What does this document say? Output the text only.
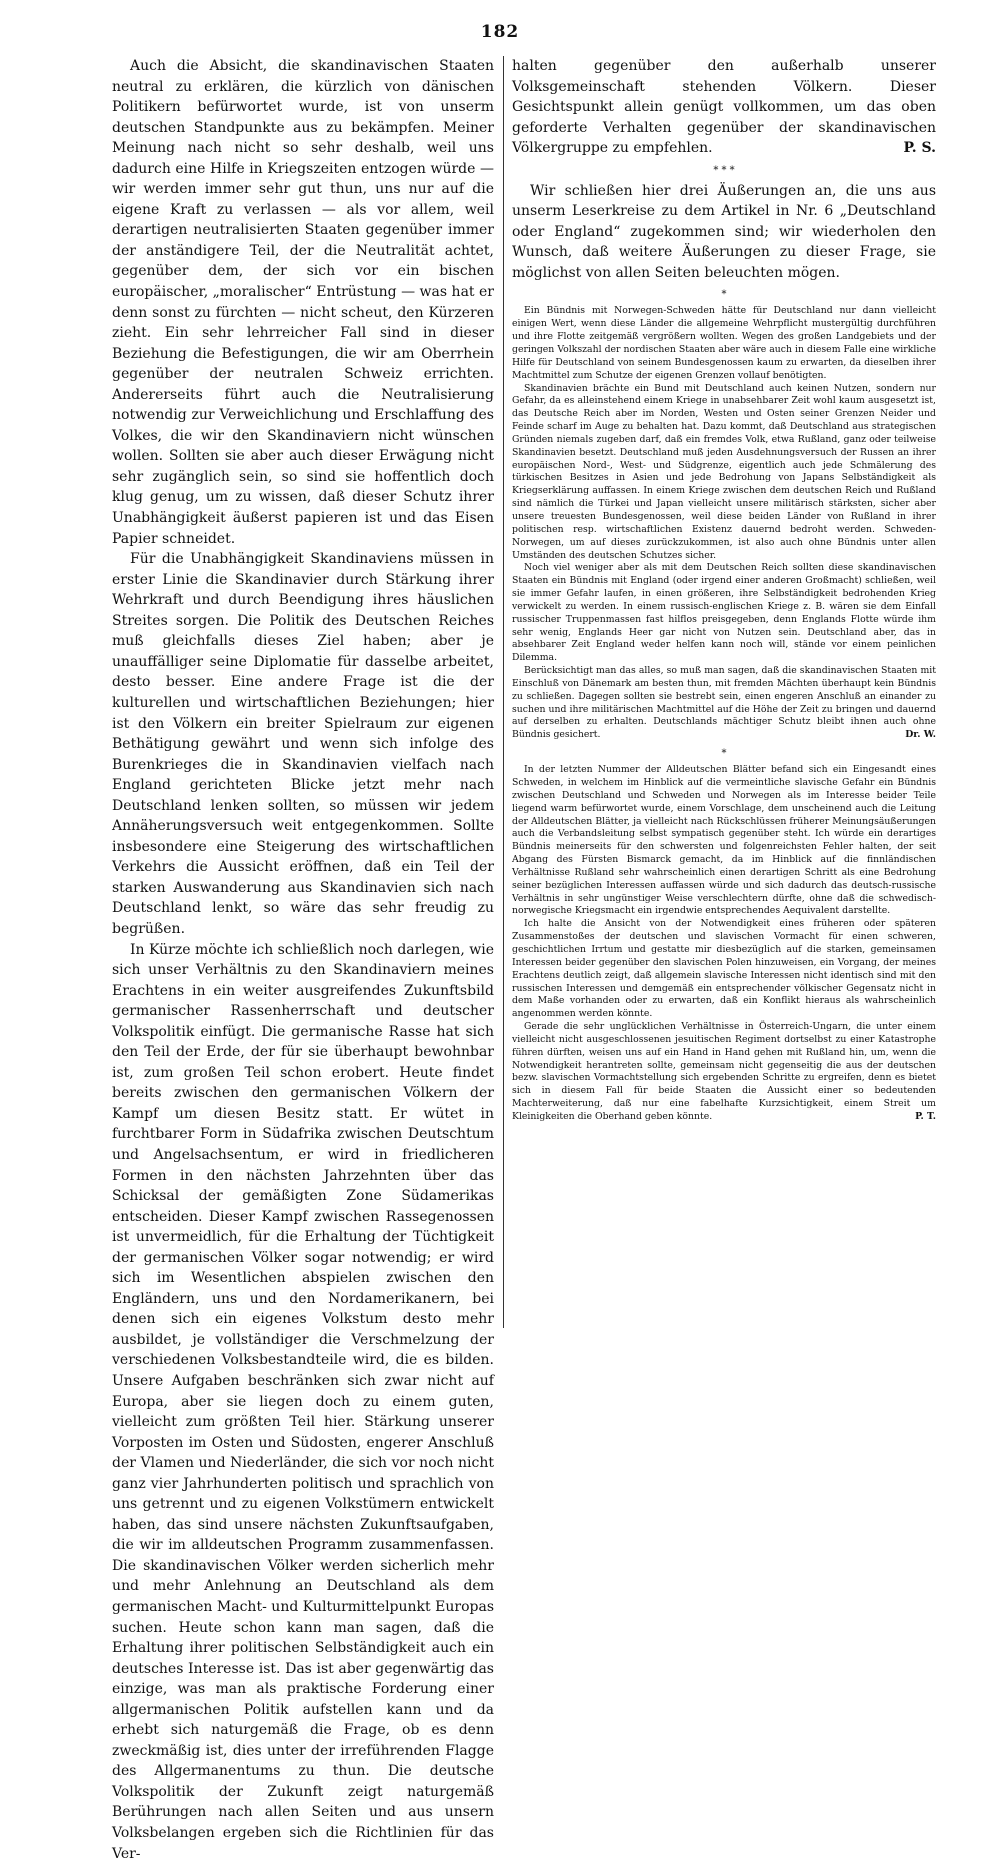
182

Auch die Absicht, die skandinavischen Staaten neutral zu erklären, die kürzlich von dänischen Politikern befürwortet wurde, ist von unserm deutschen Standpunkte aus zu bekämpfen. Meiner Meinung nach nicht so sehr deshalb, weil uns dadurch eine Hilfe in Kriegszeiten entzogen würde — wir werden immer sehr gut thun, uns nur auf die eigene Kraft zu verlassen — als vor allem, weil derartigen neutralisierten Staaten gegenüber immer der anständigere Teil, der die Neutralität achtet, gegenüber dem, der sich vor ein bischen europäischer, „moralischer“ Entrüstung — was hat er denn sonst zu fürchten — nicht scheut, den Kürzeren zieht. Ein sehr lehrreicher Fall sind in dieser Beziehung die Befestigungen, die wir am Oberrhein gegenüber der neutralen Schweiz errichten. Andererseits führt auch die Neutralisierung notwendig zur Verweichlichung und Erschlaffung des Volkes, die wir den Skandinaviern nicht wünschen wollen. Sollten sie aber auch dieser Erwägung nicht sehr zugänglich sein, so sind sie hoffentlich doch klug genug, um zu wissen, daß dieser Schutz ihrer Unabhängigkeit äußerst papieren ist und das Eisen Papier schneidet.

Für die Unabhängigkeit Skandinaviens müssen in erster Linie die Skandinavier durch Stärkung ihrer Wehrkraft und durch Beendigung ihres häuslichen Streites sorgen. Die Politik des Deutschen Reiches muß gleichfalls dieses Ziel haben; aber je unauffälliger seine Diplomatie für dasselbe arbeitet, desto besser. Eine andere Frage ist die der kulturellen und wirtschaftlichen Beziehungen; hier ist den Völkern ein breiter Spielraum zur eigenen Bethätigung gewährt und wenn sich infolge des Burenkrieges die in Skandinavien vielfach nach England gerichteten Blicke jetzt mehr nach Deutschland lenken sollten, so müssen wir jedem Annäherungsversuch weit entgegenkommen. Sollte insbesondere eine Steigerung des wirtschaftlichen Verkehrs die Aussicht eröffnen, daß ein Teil der starken Auswanderung aus Skandinavien sich nach Deutschland lenkt, so wäre das sehr freudig zu begrüßen.

In Kürze möchte ich schließlich noch darlegen, wie sich unser Verhältnis zu den Skandinaviern meines Erachtens in ein weiter ausgreifendes Zukunftsbild germanischer Rassenherrschaft und deutscher Volkspolitik einfügt. Die germanische Rasse hat sich den Teil der Erde, der für sie überhaupt bewohnbar ist, zum großen Teil schon erobert. Heute findet bereits zwischen den germanischen Völkern der Kampf um diesen Besitz statt. Er wütet in furchtbarer Form in Südafrika zwischen Deutschtum und Angelsachsentum, er wird in friedlicheren Formen in den nächsten Jahrzehnten über das Schicksal der gemäßigten Zone Südamerikas entscheiden. Dieser Kampf zwischen Rassegenossen ist unvermeidlich, für die Erhaltung der Tüchtigkeit der germanischen Völker sogar notwendig; er wird sich im Wesentlichen abspielen zwischen den Engländern, uns und den Nordamerikanern, bei denen sich ein eigenes Volkstum desto mehr ausbildet, je vollständiger die Verschmelzung der verschiedenen Volksbestandteile wird, die es bilden. Unsere Aufgaben beschränken sich zwar nicht auf Europa, aber sie liegen doch zu einem guten, vielleicht zum größten Teil hier. Stärkung unserer Vorposten im Osten und Südosten, engerer Anschluß der Vlamen und Niederländer, die sich vor noch nicht ganz vier Jahrhunderten politisch und sprachlich von uns getrennt und zu eigenen Volkstümern entwickelt haben, das sind unsere nächsten Zukunftsaufgaben, die wir im alldeutschen Programm zusammenfassen. Die skandinavischen Völker werden sicherlich mehr und mehr Anlehnung an Deutschland als dem germanischen Macht- und Kulturmittelpunkt Europas suchen. Heute schon kann man sagen, daß die Erhaltung ihrer politischen Selbständigkeit auch ein deutsches Interesse ist. Das ist aber gegenwärtig das einzige, was man als praktische Forderung einer allgermanischen Politik aufstellen kann und da erhebt sich naturgemäß die Frage, ob es denn zweckmäßig ist, dies unter der irreführenden Flagge des Allgermanentums zu thun. Die deutsche Volkspolitik der Zukunft zeigt naturgemäß Berührungen nach allen Seiten und aus unsern Volksbelangen ergeben sich die Richtlinien für das Ver-

halten gegenüber den außerhalb unserer Volksgemeinschaft stehenden Völkern. Dieser Gesichtspunkt allein genügt vollkommen, um das oben geforderte Verhalten gegenüber der skandinavischen Völkergruppe zu empfehlen.	P. S.

* * *

Wir schließen hier drei Äußerungen an, die uns aus unserm Leserkreise zu dem Artikel in Nr. 6 „Deutschland oder England“ zugekommen sind; wir wiederholen den Wunsch, daß weitere Äußerungen zu dieser Frage, sie möglichst von allen Seiten beleuchten mögen.

*

Ein Bündnis mit Norwegen-Schweden hätte für Deutschland nur dann vielleicht einigen Wert, wenn diese Länder die allgemeine Wehrpflicht mustergültig durchführen und ihre Flotte zeitgemäß vergrößern wollten. Wegen des großen Landgebiets und der geringen Volkszahl der nordischen Staaten aber wäre auch in diesem Falle eine wirkliche Hilfe für Deutschland von seinem Bundesgenossen kaum zu erwarten, da dieselben ihrer Machtmittel zum Schutze der eigenen Grenzen vollauf benötigten.

Skandinavien brächte ein Bund mit Deutschland auch keinen Nutzen, sondern nur Gefahr, da es alleinstehend einem Kriege in unabsehbarer Zeit wohl kaum ausgesetzt ist, das Deutsche Reich aber im Norden, Westen und Osten seiner Grenzen Neider und Feinde scharf im Auge zu behalten hat. Dazu kommt, daß Deutschland aus strategischen Gründen niemals zugeben darf, daß ein fremdes Volk, etwa Rußland, ganz oder teilweise Skandinavien besetzt. Deutschland muß jeden Ausdehnungsversuch der Russen an ihrer europäischen Nord-, West- und Südgrenze, eigentlich auch jede Schmälerung des türkischen Besitzes in Asien und jede Bedrohung von Japans Selbständigkeit als Kriegserklärung auffassen. In einem Kriege zwischen dem deutschen Reich und Rußland sind nämlich die Türkei und Japan vielleicht unsere militärisch stärksten, sicher aber unsere treuesten Bundesgenossen, weil diese beiden Länder von Rußland in ihrer politischen resp. wirtschaftlichen Existenz dauernd bedroht werden. Schweden-Norwegen, um auf dieses zurückzukommen, ist also auch ohne Bündnis unter allen Umständen des deutschen Schutzes sicher.

Noch viel weniger aber als mit dem Deutschen Reich sollten diese skandinavischen Staaten ein Bündnis mit England (oder irgend einer anderen Großmacht) schließen, weil sie immer Gefahr laufen, in einen größeren, ihre Selbständigkeit bedrohenden Krieg verwickelt zu werden. In einem russisch-englischen Kriege z. B. wären sie dem Einfall russischer Truppenmassen fast hilflos preisgegeben, denn Englands Flotte würde ihm sehr wenig, Englands Heer gar nicht von Nutzen sein. Deutschland aber, das in absehbarer Zeit England weder helfen kann noch will, stände vor einem peinlichen Dilemma.

Berücksichtigt man das alles, so muß man sagen, daß die skandinavischen Staaten mit Einschluß von Dänemark am besten thun, mit fremden Mächten überhaupt kein Bündnis zu schließen. Dagegen sollten sie bestrebt sein, einen engeren Anschluß an einander zu suchen und ihre militärischen Machtmittel auf die Höhe der Zeit zu bringen und dauernd auf derselben zu erhalten. Deutschlands mächtiger Schutz bleibt ihnen auch ohne Bündnis gesichert.	Dr. W.

*

In der letzten Nummer der Alldeutschen Blätter befand sich ein Eingesandt eines Schweden, in welchem im Hinblick auf die vermeintliche slavische Gefahr ein Bündnis zwischen Deutschland und Schweden und Norwegen als im Interesse beider Teile liegend warm befürwortet wurde, einem Vorschlage, dem unscheinend auch die Leitung der Alldeutschen Blätter, ja vielleicht nach Rückschlüssen früherer Meinungsäußerungen auch die Verbandsleitung selbst sympatisch gegenüber steht. Ich würde ein derartiges Bündnis meinerseits für den schwersten und folgenreichsten Fehler halten, der seit Abgang des Fürsten Bismarck gemacht, da im Hinblick auf die finnländischen Verhältnisse Rußland sehr wahrscheinlich einen derartigen Schritt als eine Bedrohung seiner bezüglichen Interessen auffassen würde und sich dadurch das deutsch-russische Verhältnis in sehr ungünstiger Weise verschlechtern dürfte, ohne daß die schwedisch-norwegische Kriegsmacht ein irgendwie entsprechendes Aequivalent darstellte.

Ich halte die Ansicht von der Notwendigkeit eines früheren oder späteren Zusammenstoßes der deutschen und slavischen Vormacht für einen schweren, geschichtlichen Irrtum und gestatte mir diesbezüglich auf die starken, gemeinsamen Interessen beider gegenüber den slavischen Polen hinzuweisen, ein Vorgang, der meines Erachtens deutlich zeigt, daß allgemein slavische Interessen nicht identisch sind mit den russischen Interessen und demgemäß ein entsprechender völkischer Gegensatz nicht in dem Maße vorhanden oder zu erwarten, daß ein Konflikt hieraus als wahrscheinlich angenommen werden könnte.

Gerade die sehr unglücklichen Verhältnisse in Österreich-Ungarn, die unter einem vielleicht nicht ausgeschlossenen jesuitischen Regiment dortselbst zu einer Katastrophe führen dürften, weisen uns auf ein Hand in Hand gehen mit Rußland hin, um, wenn die Notwendigkeit herantreten sollte, gemeinsam nicht gegenseitig die aus der deutschen bezw. slavischen Vormachtstellung sich ergebenden Schritte zu ergreifen, denn es bietet sich in diesem Fall für beide Staaten die Aussicht einer so bedeutenden Machterweiterung, daß nur eine fabelhafte Kurzsichtigkeit, einem Streit um Kleinigkeiten die Oberhand geben könnte.	P. T.
